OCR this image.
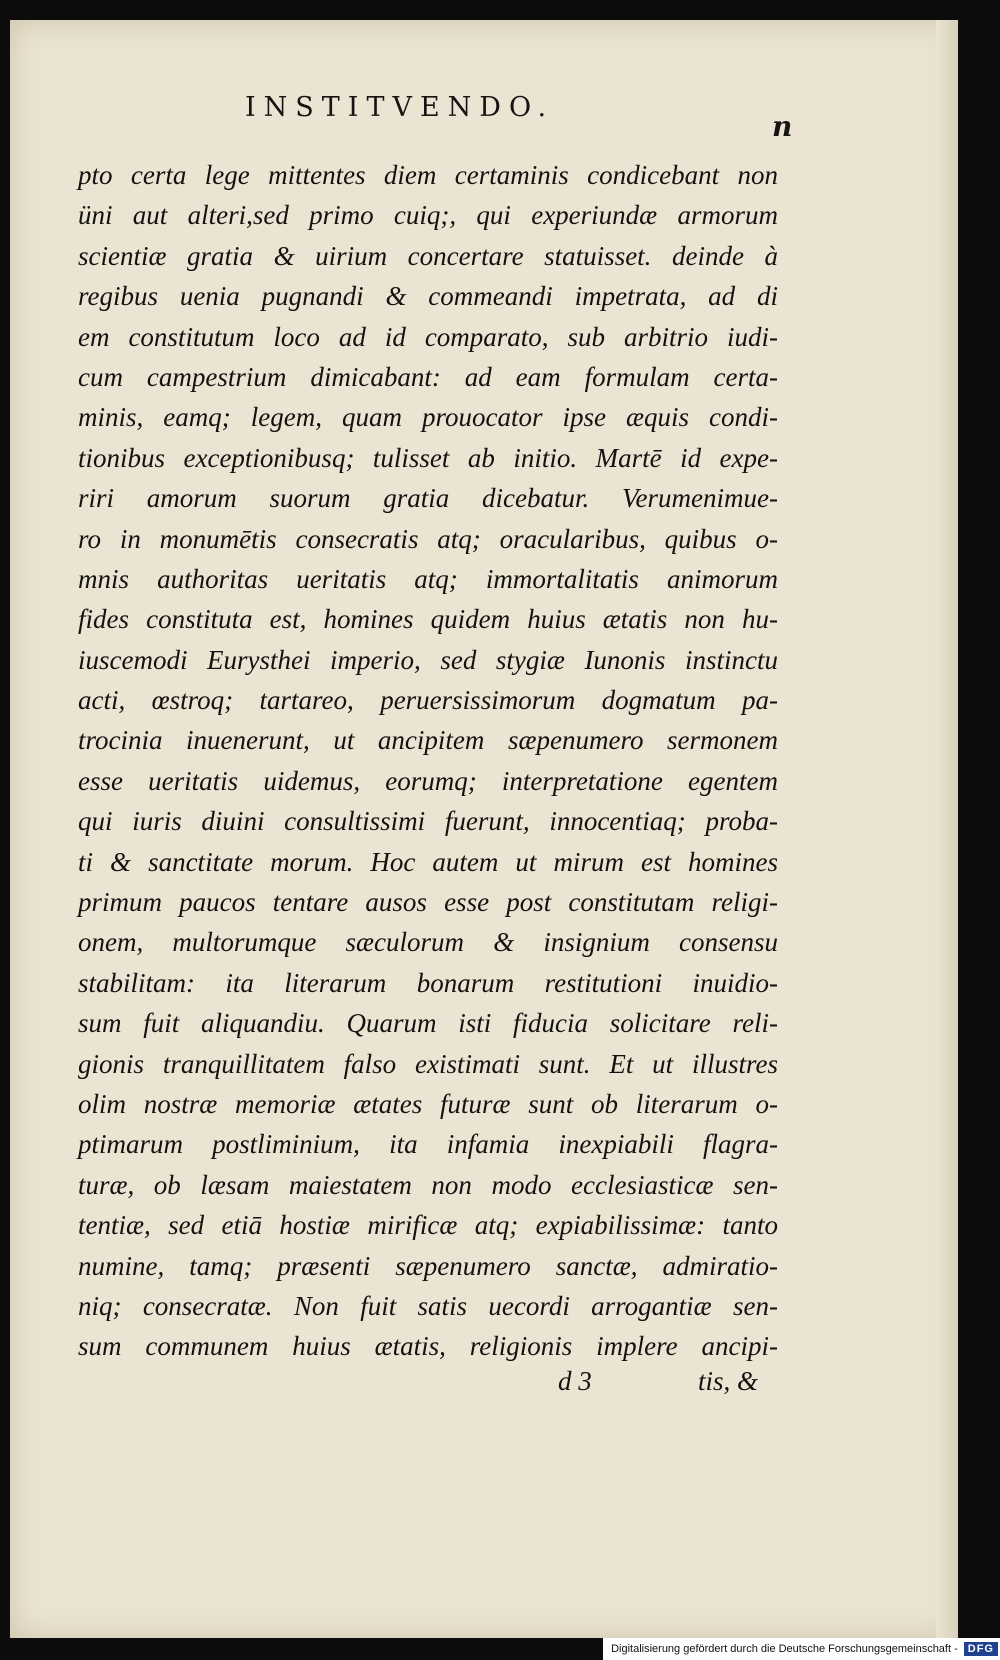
INSTITVENDO.
n
pto certa lege mittentes diem certaminis condicebant non
üni aut alteri,sed primo cuiq;, qui experiundæ armorum
scientiæ gratia & uirium concertare statuisset. deinde à
regibus uenia pugnandi & commeandi impetrata, ad di
em constitutum loco ad id comparato, sub arbitrio iudi-
cum campestrium dimicabant: ad eam formulam certa-
minis, eamq; legem, quam prouocator ipse æquis condi-
tionibus exceptionibusq; tulisset ab initio. Martē id expe-
riri amorum suorum gratia dicebatur. Verumenimue-
ro in monumētis consecratis atq; oracularibus, quibus o-
mnis authoritas ueritatis atq; immortalitatis animorum
fides constituta est, homines quidem huius ætatis non hu-
iuscemodi Eurysthei imperio, sed stygiæ Iunonis instinctu
acti, œstroq; tartareo, peruersissimorum dogmatum pa-
trocinia inuenerunt, ut ancipitem sæpenumero sermonem
esse ueritatis uidemus, eorumq; interpretatione egentem
qui iuris diuini consultissimi fuerunt, innocentiaq; proba-
ti & sanctitate morum. Hoc autem ut mirum est homines
primum paucos tentare ausos esse post constitutam religi-
onem, multorumque sæculorum & insignium consensu
stabilitam: ita literarum bonarum restitutioni inuidio-
sum fuit aliquandiu. Quarum isti fiducia solicitare reli-
gionis tranquillitatem falso existimati sunt. Et ut illustres
olim nostræ memoriæ ætates futuræ sunt ob literarum o-
ptimarum postliminium, ita infamia inexpiabili flagra-
turæ, ob læsam maiestatem non modo ecclesiasticæ sen-
tentiæ, sed etiā hostiæ mirificæ atq; expiabilissimæ: tanto
numine, tamq; præsenti sæpenumero sanctæ, admiratio-
niq; consecratæ. Non fuit satis uecordi arrogantiæ sen-
sum communem huius ætatis, religionis implere ancipi-
d 3	tis, &
Digitalisierung gefördert durch die Deutsche Forschungsgemeinschaft - DFG
